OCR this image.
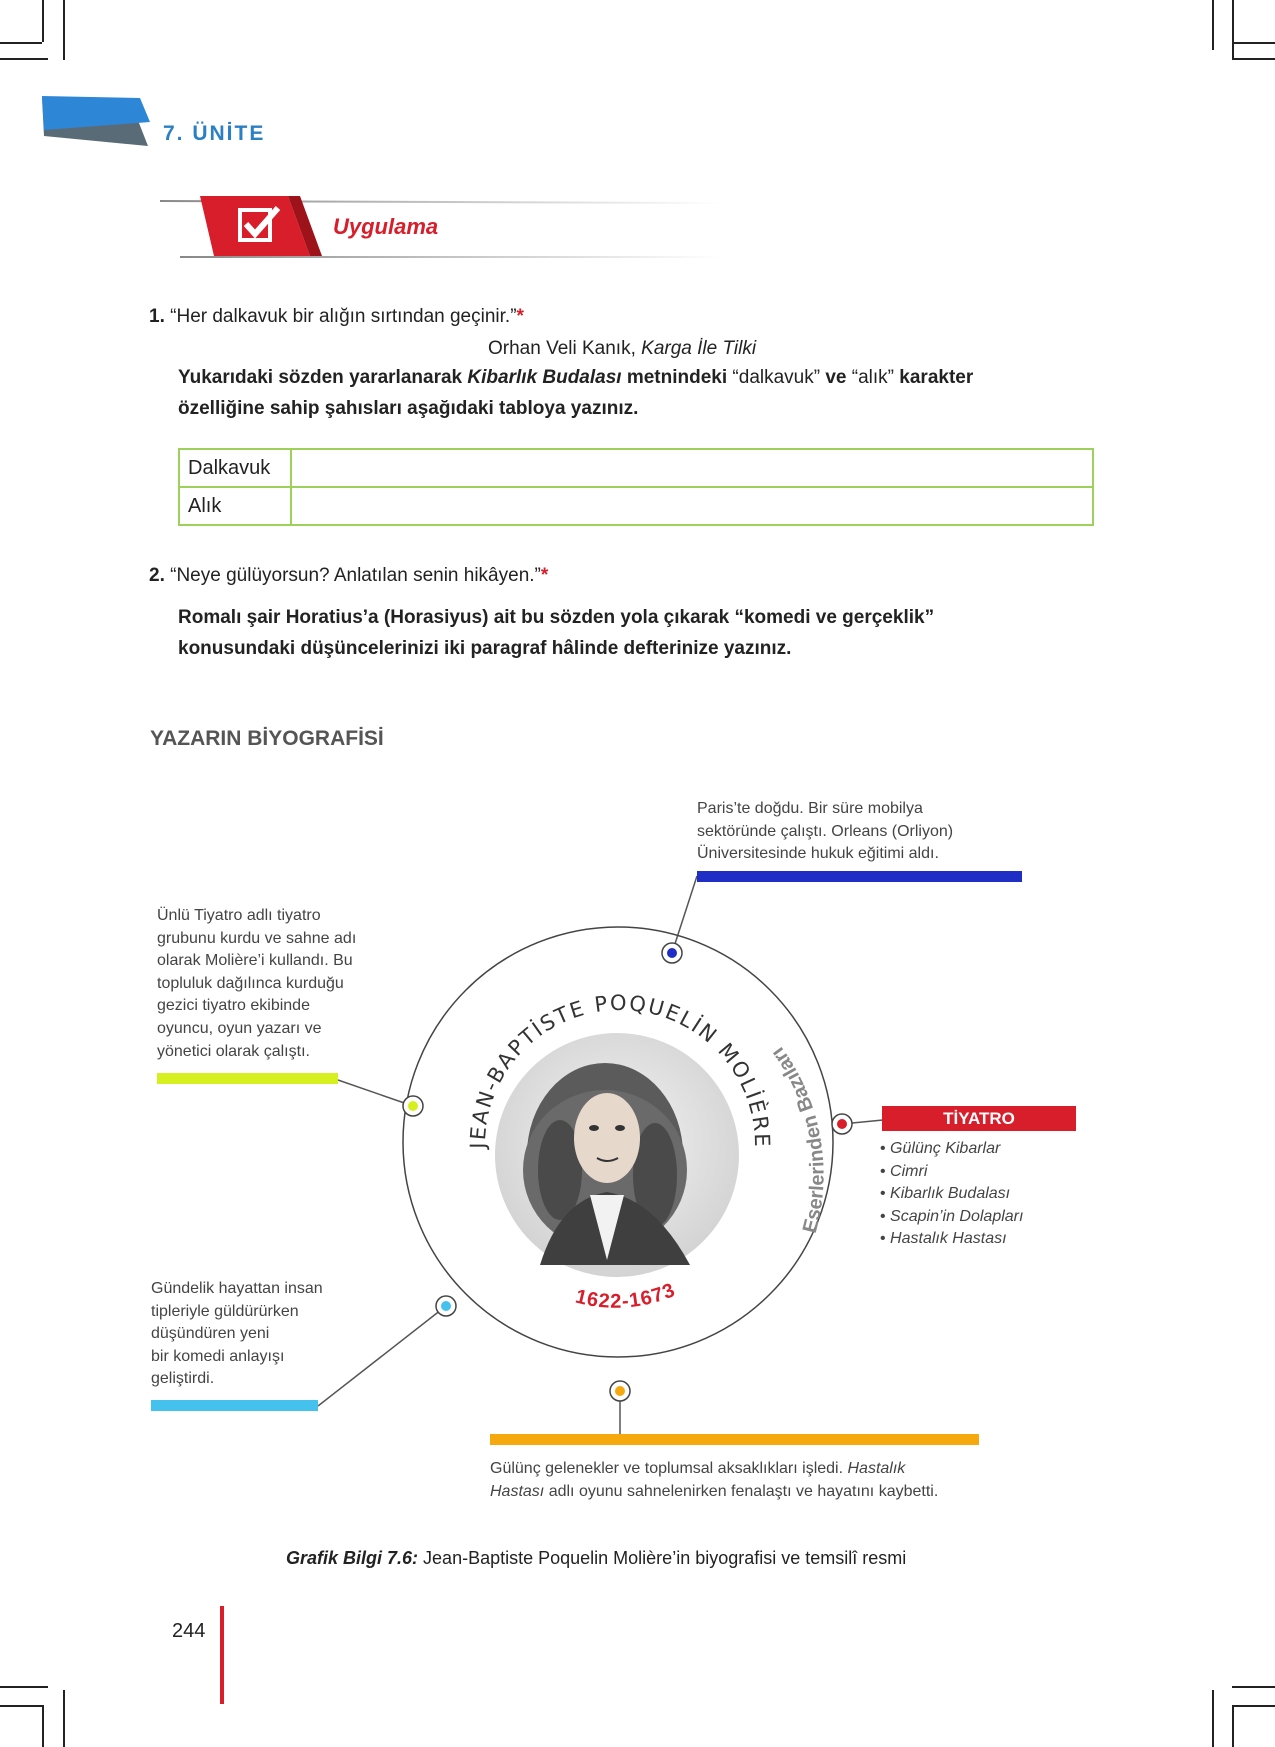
7. ÜNİTE
Uygulama
1. “Her dalkavuk bir alığın sırtından geçinir.”*
Orhan Veli Kanık, Karga İle Tilki
Yukarıdaki sözden yararlanarak Kibarlık Budalası metnindeki “dalkavuk” ve “alık” karakter
özelliğine sahip şahısları aşağıdaki tabloya yazınız.
Dalkavuk	
Alık	
2. “Neye gülüyorsun? Anlatılan senin hikâyen.”*
Romalı şair Horatius’a (Horasiyus) ait bu sözden yola çıkarak “komedi ve gerçeklik”
konusundaki düşüncelerinizi iki paragraf hâlinde defterinize yazınız.
YAZARIN BİYOGRAFİSİ
JEAN-BAPTİSTE POQUELİN MOLİÈRE
1622-1673
Eserlerinden Bazıları
Paris’te doğdu. Bir süre mobilya
sektöründe çalıştı. Orleans (Orliyon)
Üniversitesinde hukuk eğitimi aldı.
Ünlü Tiyatro adlı tiyatro
grubunu kurdu ve sahne adı
olarak Molière’i kullandı. Bu
topluluk dağılınca kurduğu
gezici tiyatro ekibinde
oyuncu, oyun yazarı ve
yönetici olarak çalıştı.
Gündelik hayattan insan
tipleriyle güldürürken
düşündüren yeni
bir komedi anlayışı
geliştirdi.
Gülünç gelenekler ve toplumsal aksaklıkları işledi. Hastalık
Hastası adlı oyunu sahnelenirken fenalaştı ve hayatını kaybetti.
TİYATRO
• Gülünç Kibarlar
• Cimri
• Kibarlık Budalası
• Scapin’in Dolapları
• Hastalık Hastası
Grafik Bilgi 7.6: Jean-Baptiste Poquelin Molière’in biyografisi ve temsilî resmi
244
